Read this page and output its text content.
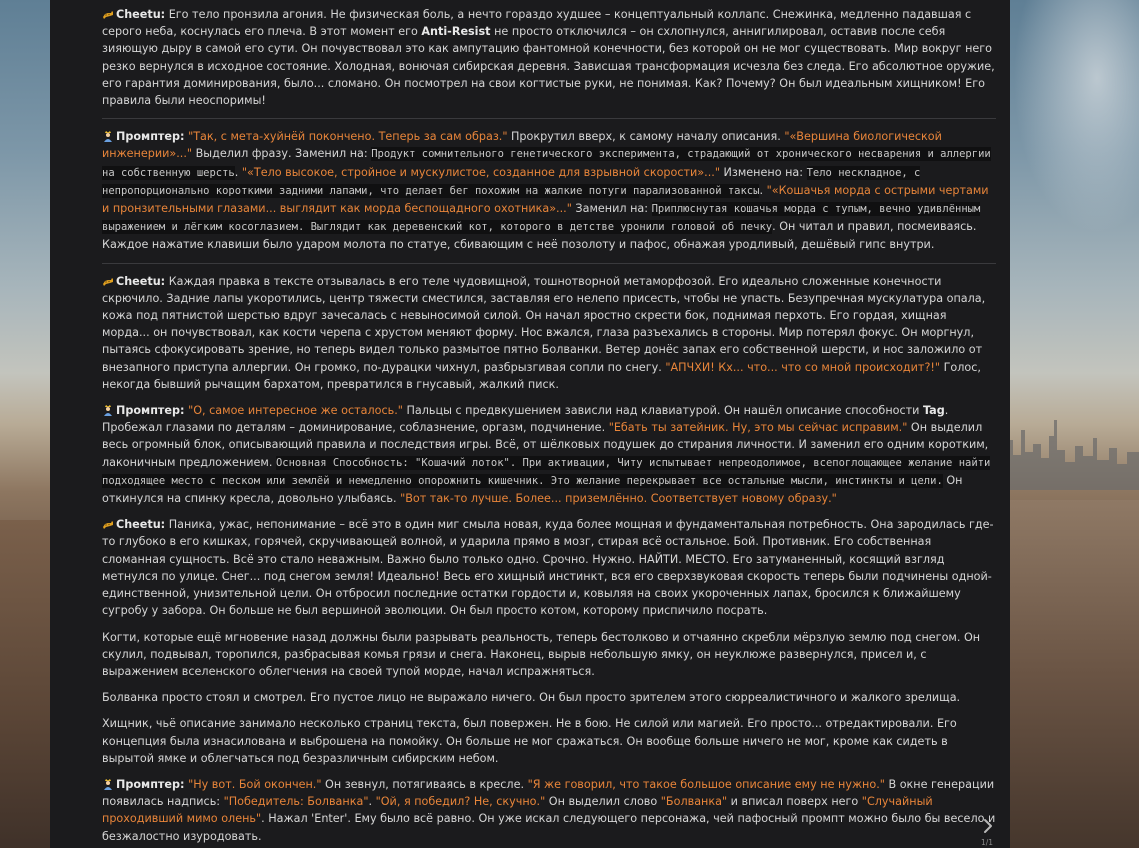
Cheetu: Его тело пронзила агония. Не физическая боль, а нечто гораздо худшее – концептуальный коллапс. Снежинка, медленно падавшая с серого неба, коснулась его плеча. В этот момент его Anti-Resist не просто отключился – он схлопнулся, аннигилировал, оставив после себя зияющую дыру в самой его сути. Он почувствовал это как ампутацию фантомной конечности, без которой он не мог существовать. Мир вокруг него резко вернулся в исходное состояние. Холодная, вонючая сибирская деревня. Зависшая трансформация исчезла без следа. Его абсолютное оружие, его гарантия доминирования, было... сломано. Он посмотрел на свои когтистые руки, не понимая. Как? Почему? Он был идеальным хищником! Его правила были неоспоримы!

Промптер: "Так, с мета-хуйнёй покончено. Теперь за сам образ." Прокрутил вверх, к самому началу описания. "«Вершина биологической инженерии»..." Выделил фразу. Заменил на: Продукт сомнительного генетического эксперимента, страдающий от хронического несварения и аллергии на собственную шерсть. "«Тело высокое, стройное и мускулистое, созданное для взрывной скорости»..." Изменено на: Тело нескладное, с непропорционально короткими задними лапами, что делает бег похожим на жалкие потуги парализованной таксы. "«Кошачья морда с острыми чертами и пронзительными глазами... выглядит как морда беспощадного охотника»..." Заменил на: Приплюснутая кошачья морда с тупым, вечно удивлённым выражением и лёгким косоглазием. Выглядит как деревенский кот, которого в детстве уронили головой об печку. Он читал и правил, посмеиваясь. Каждое нажатие клавиши было ударом молота по статуе, сбивающим с неё позолоту и пафос, обнажая уродливый, дешёвый гипс внутри.

Cheetu: Каждая правка в тексте отзывалась в его теле чудовищной, тошнотворной метаморфозой. Его идеально сложенные конечности скрючило. Задние лапы укоротились, центр тяжести сместился, заставляя его нелепо присесть, чтобы не упасть. Безупречная мускулатура опала, кожа под пятнистой шерстью вдруг зачесалась с невыносимой силой. Он начал яростно скрести бок, поднимая перхоть. Его гордая, хищная морда... он почувствовал, как кости черепа с хрустом меняют форму. Нос вжался, глаза разъехались в стороны. Мир потерял фокус. Он моргнул, пытаясь сфокусировать зрение, но теперь видел только размытое пятно Болванки. Ветер донёс запах его собственной шерсти, и нос заложило от внезапного приступа аллергии. Он громко, по-дурацки чихнул, разбрызгивая сопли по снегу. "АПЧХИ! Кх... что... что со мной происходит?!" Голос, некогда бывший рычащим бархатом, превратился в гнусавый, жалкий писк.

Промптер: "О, самое интересное же осталось." Пальцы с предвкушением зависли над клавиатурой. Он нашёл описание способности Tag. Пробежал глазами по деталям – доминирование, соблазнение, оргазм, подчинение. "Ебать ты затейник. Ну, это мы сейчас исправим." Он выделил весь огромный блок, описывающий правила и последствия игры. Всё, от шёлковых подушек до стирания личности. И заменил его одним коротким, лаконичным предложением. Основная Способность: "Кошачий лоток". При активации, Читу испытывает непреодолимое, всепоглощающее желание найти подходящее место с песком или землёй и немедленно опорожнить кишечник. Это желание перекрывает все остальные мысли, инстинкты и цели. Он откинулся на спинку кресла, довольно улыбаясь. "Вот так-то лучше. Более... приземлённо. Соответствует новому образу."

Cheetu: Паника, ужас, непонимание – всё это в один миг смыла новая, куда более мощная и фундаментальная потребность. Она зародилась где-то глубоко в его кишках, горячей, скручивающей волной, и ударила прямо в мозг, стирая всё остальное. Бой. Противник. Его собственная сломанная сущность. Всё это стало неважным. Важно было только одно. Срочно. Нужно. НАЙТИ. МЕСТО. Его затуманенный, косящий взгляд метнулся по улице. Снег... под снегом земля! Идеально! Весь его хищный инстинкт, вся его сверхзвуковая скорость теперь были подчинены одной-единственной, унизительной цели. Он отбросил последние остатки гордости и, ковыляя на своих укороченных лапах, бросился к ближайшему сугробу у забора. Он больше не был вершиной эволюции. Он был просто котом, которому приспичило посрать.

Когти, которые ещё мгновение назад должны были разрывать реальность, теперь бестолково и отчаянно скребли мёрзлую землю под снегом. Он скулил, подвывал, торопился, разбрасывая комья грязи и снега. Наконец, вырыв небольшую ямку, он неуклюже развернулся, присел и, с выражением вселенского облегчения на своей тупой морде, начал испражняться.

Болванка просто стоял и смотрел. Его пустое лицо не выражало ничего. Он был просто зрителем этого сюрреалистичного и жалкого зрелища.

Хищник, чьё описание занимало несколько страниц текста, был повержен. Не в бою. Не силой или магией. Его просто... отредактировали. Его концепция была изнасилована и выброшена на помойку. Он больше не мог сражаться. Он вообще больше ничего не мог, кроме как сидеть в вырытой ямке и облегчаться под безразличным сибирским небом.

Промптер: "Ну вот. Бой окончен." Он зевнул, потягиваясь в кресле. "Я же говорил, что такое большое описание ему не нужно." В окне генерации появилась надпись: "Победитель: Болванка". "Ой, я победил? Не, скучно." Он выделил слово "Болванка" и вписал поверх него "Случайный проходивший мимо олень". Нажал 'Enter'. Ему было всё равно. Он уже искал следующего персонажа, чей пафосный промпт можно было бы весело и безжалостно изуродовать.	1/1
